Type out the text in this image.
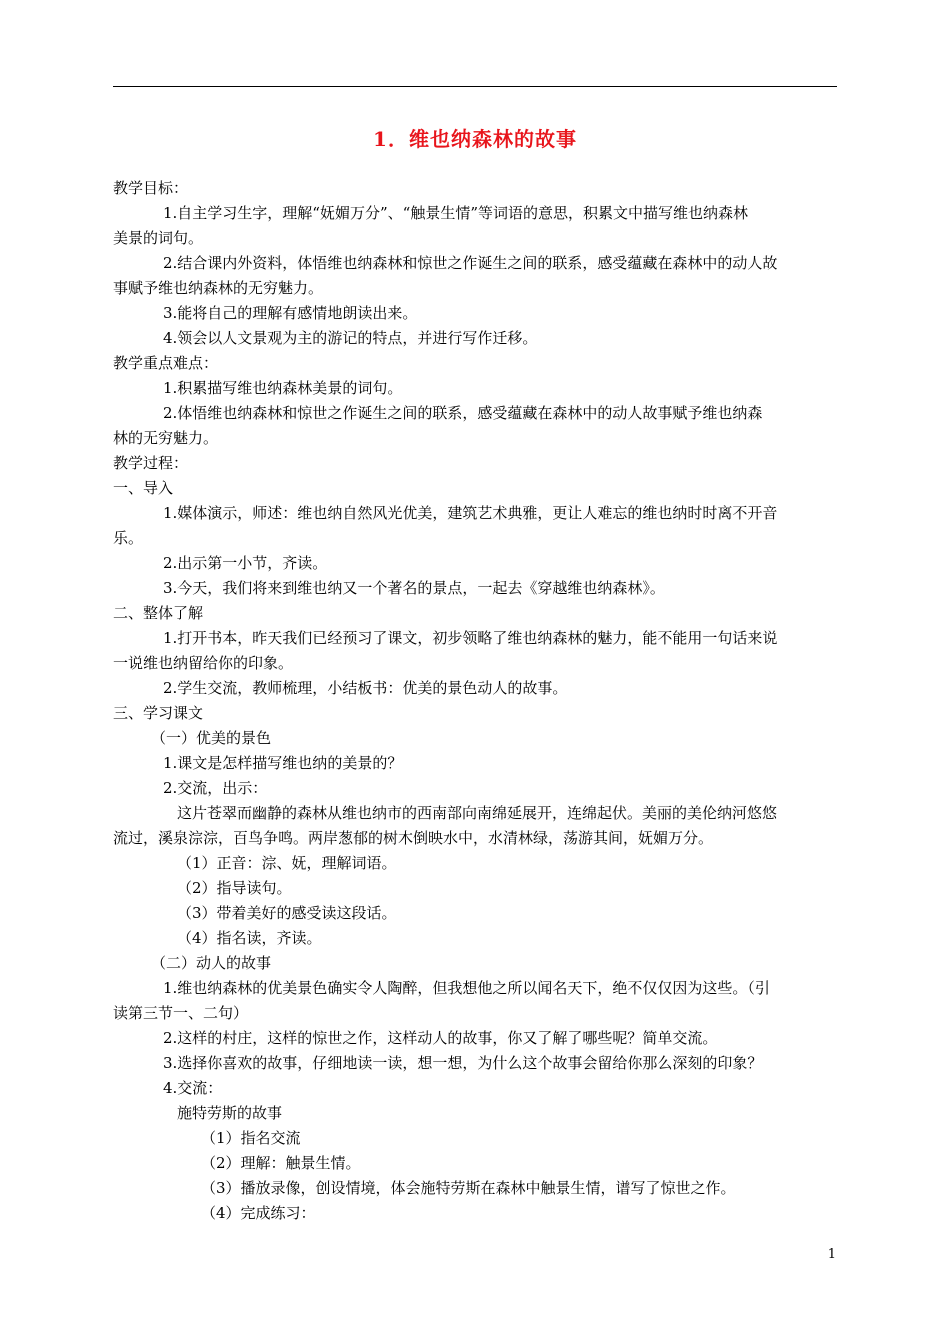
1．维也纳森林的故事
教学目标：
1.自主学习生字，理解“妩媚万分”、“触景生情”等词语的意思，积累文中描写维也纳森林
美景的词句。
2.结合课内外资料，体悟维也纳森林和惊世之作诞生之间的联系，感受蕴藏在森林中的动人故
事赋予维也纳森林的无穷魅力。
3.能将自己的理解有感情地朗读出来。
4.领会以人文景观为主的游记的特点，并进行写作迁移。
教学重点难点：
1.积累描写维也纳森林美景的词句。
2.体悟维也纳森林和惊世之作诞生之间的联系，感受蕴藏在森林中的动人故事赋予维也纳森
林的无穷魅力。
教学过程：
一、导入
1.媒体演示，师述：维也纳自然风光优美，建筑艺术典雅，更让人难忘的维也纳时时离不开音
乐。
2.出示第一小节，齐读。
3.今天，我们将来到维也纳又一个著名的景点，一起去《穿越维也纳森林》。
二、整体了解
1.打开书本，昨天我们已经预习了课文，初步领略了维也纳森林的魅力，能不能用一句话来说
一说维也纳留给你的印象。
2.学生交流，教师梳理，小结板书：优美的景色动人的故事。
三、学习课文
（一）优美的景色
1.课文是怎样描写维也纳的美景的？
2.交流，出示：
这片苍翠而幽静的森林从维也纳市的西南部向南绵延展开，连绵起伏。美丽的美伦纳河悠悠
流过，溪泉淙淙，百鸟争鸣。两岸葱郁的树木倒映水中，水清林绿，荡游其间，妩媚万分。
（1）正音：淙、妩，理解词语。
（2）指导读句。
（3）带着美好的感受读这段话。
（4）指名读，齐读。
（二）动人的故事
1.维也纳森林的优美景色确实令人陶醉，但我想他之所以闻名天下，绝不仅仅因为这些。（引
读第三节一、二句）
2.这样的村庄，这样的惊世之作，这样动人的故事，你又了解了哪些呢？简单交流。
3.选择你喜欢的故事，仔细地读一读，想一想，为什么这个故事会留给你那么深刻的印象？
4.交流：
施特劳斯的故事
（1）指名交流
（2）理解：触景生情。
（3）播放录像，创设情境，体会施特劳斯在森林中触景生情，谱写了惊世之作。
（4）完成练习：
1
